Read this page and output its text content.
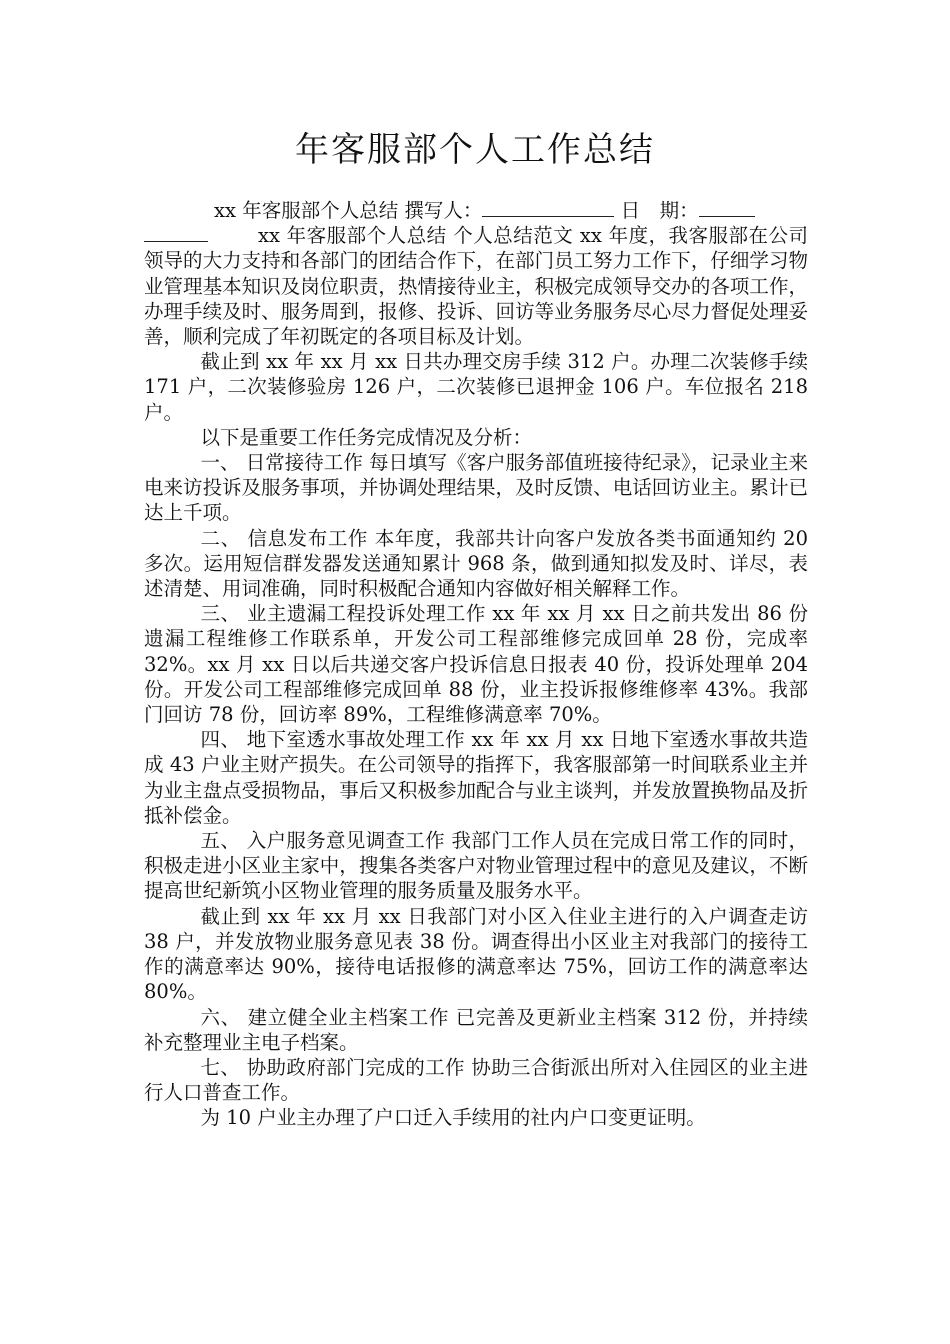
年客服部个人工作总结

xx 年客服部个人总结 撰写人：	日　期：

xx 年客服部个人总结 个人总结范文 xx 年度，我客服部在公司领导的大力支持和各部门的团结合作下，在部门员工努力工作下，仔细学习物业管理基本知识及岗位职责，热情接待业主，积极完成领导交办的各项工作，办理手续及时、服务周到，报修、投诉、回访等业务服务尽心尽力督促处理妥善，顺利完成了年初既定的各项目标及计划。

截止到 xx 年 xx 月 xx 日共办理交房手续 312 户。办理二次装修手续 171 户，二次装修验房 126 户，二次装修已退押金 106 户。车位报名 218 户。

以下是重要工作任务完成情况及分析：

一、 日常接待工作 每日填写《客户服务部值班接待纪录》，记录业主来电来访投诉及服务事项，并协调处理结果，及时反馈、电话回访业主。累计已达上千项。

二、 信息发布工作 本年度，我部共计向客户发放各类书面通知约 20 多次。运用短信群发器发送通知累计 968 条，做到通知拟发及时、详尽，表述清楚、用词准确，同时积极配合通知内容做好相关解释工作。

三、 业主遗漏工程投诉处理工作 xx 年 xx 月 xx 日之前共发出 86 份遗漏工程维修工作联系单，开发公司工程部维修完成回单 28 份，完成率 32%。xx 月 xx 日以后共递交客户投诉信息日报表 40 份，投诉处理单 204 份。开发公司工程部维修完成回单 88 份，业主投诉报修维修率 43%。我部门回访 78 份，回访率 89%，工程维修满意率 70%。

四、 地下室透水事故处理工作 xx 年 xx 月 xx 日地下室透水事故共造成 43 户业主财产损失。在公司领导的指挥下，我客服部第一时间联系业主并为业主盘点受损物品，事后又积极参加配合与业主谈判，并发放置换物品及折抵补偿金。

五、 入户服务意见调查工作 我部门工作人员在完成日常工作的同时，积极走进小区业主家中，搜集各类客户对物业管理过程中的意见及建议，不断提高世纪新筑小区物业管理的服务质量及服务水平。

截止到 xx 年 xx 月 xx 日我部门对小区入住业主进行的入户调查走访 38 户，并发放物业服务意见表 38 份。调查得出小区业主对我部门的接待工作的满意率达 90%，接待电话报修的满意率达 75%，回访工作的满意率达 80%。

六、 建立健全业主档案工作 已完善及更新业主档案 312 份，并持续补充整理业主电子档案。

七、 协助政府部门完成的工作 协助三合街派出所对入住园区的业主进行人口普查工作。

为 10 户业主办理了户口迁入手续用的社内户口变更证明。
